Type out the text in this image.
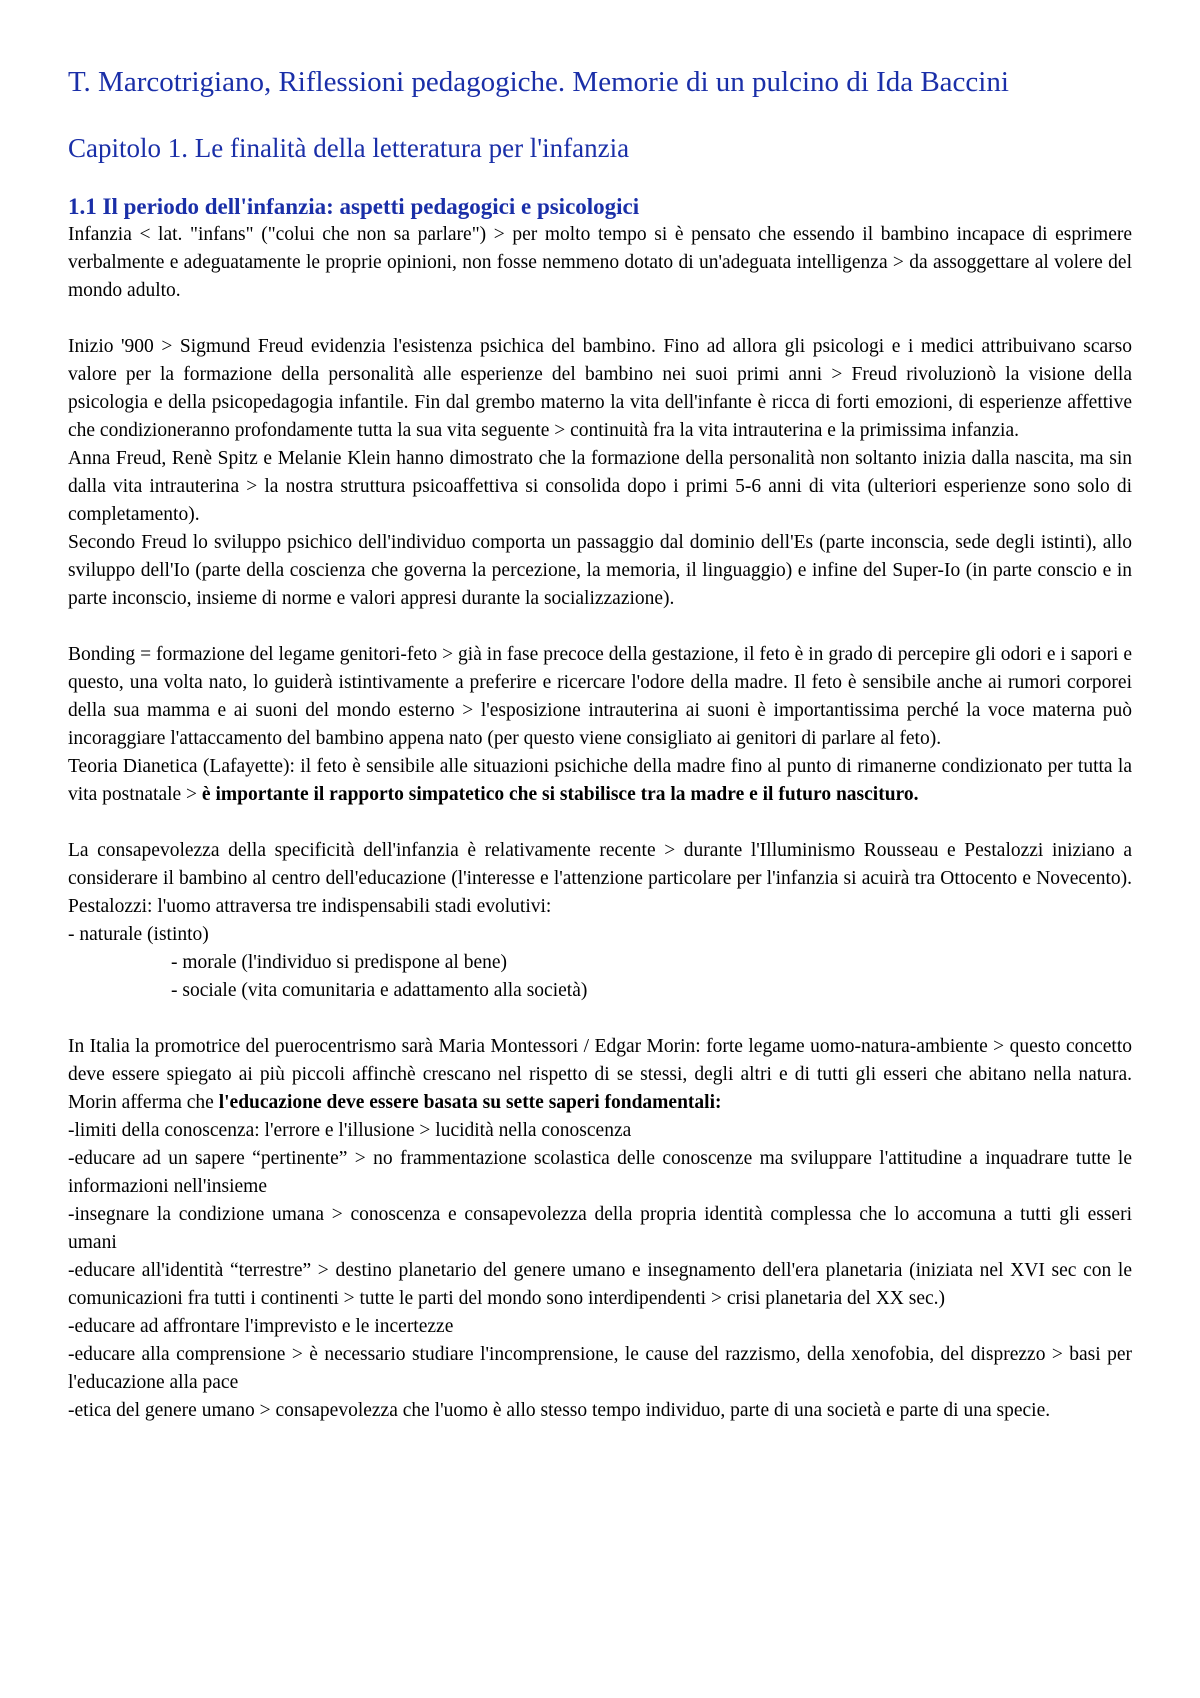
T. Marcotrigiano, Riflessioni pedagogiche. Memorie di un pulcino di Ida Baccini
Capitolo 1. Le finalità della letteratura per l'infanzia
1.1 Il periodo dell'infanzia: aspetti pedagogici e psicologici

Infanzia < lat. "infans" ("colui che non sa parlare") > per molto tempo si è pensato che essendo il bambino incapace di esprimere verbalmente e adeguatamente le proprie opinioni, non fosse nemmeno dotato di un'adeguata intelligenza > da assoggettare al volere del mondo adulto.

Inizio '900 > Sigmund Freud evidenzia l'esistenza psichica del bambino. Fino ad allora gli psicologi e i medici attribuivano scarso valore per la formazione della personalità alle esperienze del bambino nei suoi primi anni > Freud rivoluzionò la visione della psicologia e della psicopedagogia infantile. Fin dal grembo materno la vita dell'infante è ricca di forti emozioni, di esperienze affettive che condizioneranno profondamente tutta la sua vita seguente > continuità fra la vita intrauterina e la primissima infanzia.

Anna Freud, Renè Spitz e Melanie Klein hanno dimostrato che la formazione della personalità non soltanto inizia dalla nascita, ma sin dalla vita intrauterina > la nostra struttura psicoaffettiva si consolida dopo i primi 5-6 anni di vita (ulteriori esperienze sono solo di completamento).

Secondo Freud lo sviluppo psichico dell'individuo comporta un passaggio dal dominio dell'Es (parte inconscia, sede degli istinti), allo sviluppo dell'Io (parte della coscienza che governa la percezione, la memoria, il linguaggio) e infine del Super-Io (in parte conscio e in parte inconscio, insieme di norme e valori appresi durante la socializzazione).

Bonding = formazione del legame genitori-feto > già in fase precoce della gestazione, il feto è in grado di percepire gli odori e i sapori e questo, una volta nato, lo guiderà istintivamente a preferire e ricercare l'odore della madre. Il feto è sensibile anche ai rumori corporei della sua mamma e ai suoni del mondo esterno > l'esposizione intrauterina ai suoni è importantissima perché la voce materna può incoraggiare l'attaccamento del bambino appena nato (per questo viene consigliato ai genitori di parlare al feto).

Teoria Dianetica (Lafayette): il feto è sensibile alle situazioni psichiche della madre fino al punto di rimanerne condizionato per tutta la vita postnatale > è importante il rapporto simpatetico che si stabilisce tra la madre e il futuro nascituro.

La consapevolezza della specificità dell'infanzia è relativamente recente > durante l'Illuminismo Rousseau e Pestalozzi iniziano a considerare il bambino al centro dell'educazione (l'interesse e l'attenzione particolare per l'infanzia si acuirà tra Ottocento e Novecento). Pestalozzi: l'uomo attraversa tre indispensabili stadi evolutivi:

- naturale (istinto)

- morale (l'individuo si predispone al bene)

- sociale (vita comunitaria e adattamento alla società)

In Italia la promotrice del puerocentrismo sarà Maria Montessori / Edgar Morin: forte legame uomo-natura-ambiente > questo concetto deve essere spiegato ai più piccoli affinchè crescano nel rispetto di se stessi, degli altri e di tutti gli esseri che abitano nella natura. Morin afferma che l'educazione deve essere basata su sette saperi fondamentali:

-limiti della conoscenza: l'errore e l'illusione > lucidità nella conoscenza

-educare ad un sapere “pertinente” > no frammentazione scolastica delle conoscenze ma sviluppare l'attitudine a inquadrare tutte le informazioni nell'insieme

-insegnare la condizione umana > conoscenza e consapevolezza della propria identità complessa che lo accomuna a tutti gli esseri umani

-educare all'identità “terrestre” > destino planetario del genere umano e insegnamento dell'era planetaria (iniziata nel XVI sec con le comunicazioni fra tutti i continenti > tutte le parti del mondo sono interdipendenti > crisi planetaria del XX sec.)

-educare ad affrontare l'imprevisto e le incertezze

-educare alla comprensione > è necessario studiare l'incomprensione, le cause del razzismo, della xenofobia, del disprezzo > basi per l'educazione alla pace

-etica del genere umano > consapevolezza che l'uomo è allo stesso tempo individuo, parte di una società e parte di una specie.
